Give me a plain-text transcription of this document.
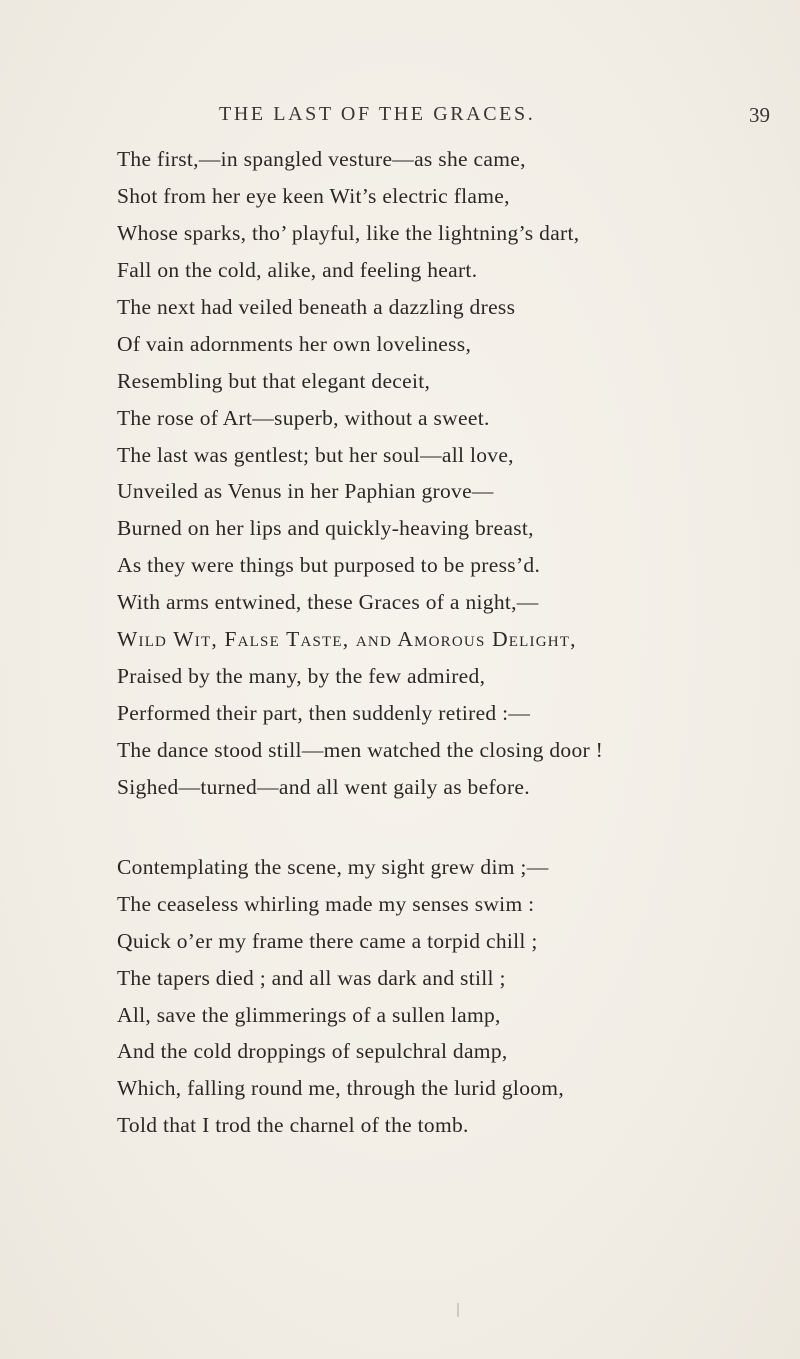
THE LAST OF THE GRACES.	39
The first,—in spangled vesture—as she came,
Shot from her eye keen Wit’s electric flame,
Whose sparks, tho’ playful, like the lightning’s dart,
Fall on the cold, alike, and feeling heart.
The next had veiled beneath a dazzling dress
Of vain adornments her own loveliness,
Resembling but that elegant deceit,
The rose of Art—superb, without a sweet.
The last was gentlest; but her soul—all love,
Unveiled as Venus in her Paphian grove—
Burned on her lips and quickly-heaving breast,
As they were things but purposed to be press’d.
With arms entwined, these Graces of a night,—
Wild Wit, False Taste, and Amorous Delight,
Praised by the many, by the few admired,
Performed their part, then suddenly retired :—
The dance stood still—men watched the closing door !
Sighed—turned—and all went gaily as before.
Contemplating the scene, my sight grew dim ;—
The ceaseless whirling made my senses swim :
Quick o’er my frame there came a torpid chill ;
The tapers died ; and all was dark and still ;
All, save the glimmerings of a sullen lamp,
And the cold droppings of sepulchral damp,
Which, falling round me, through the lurid gloom,
Told that I trod the charnel of the tomb.
